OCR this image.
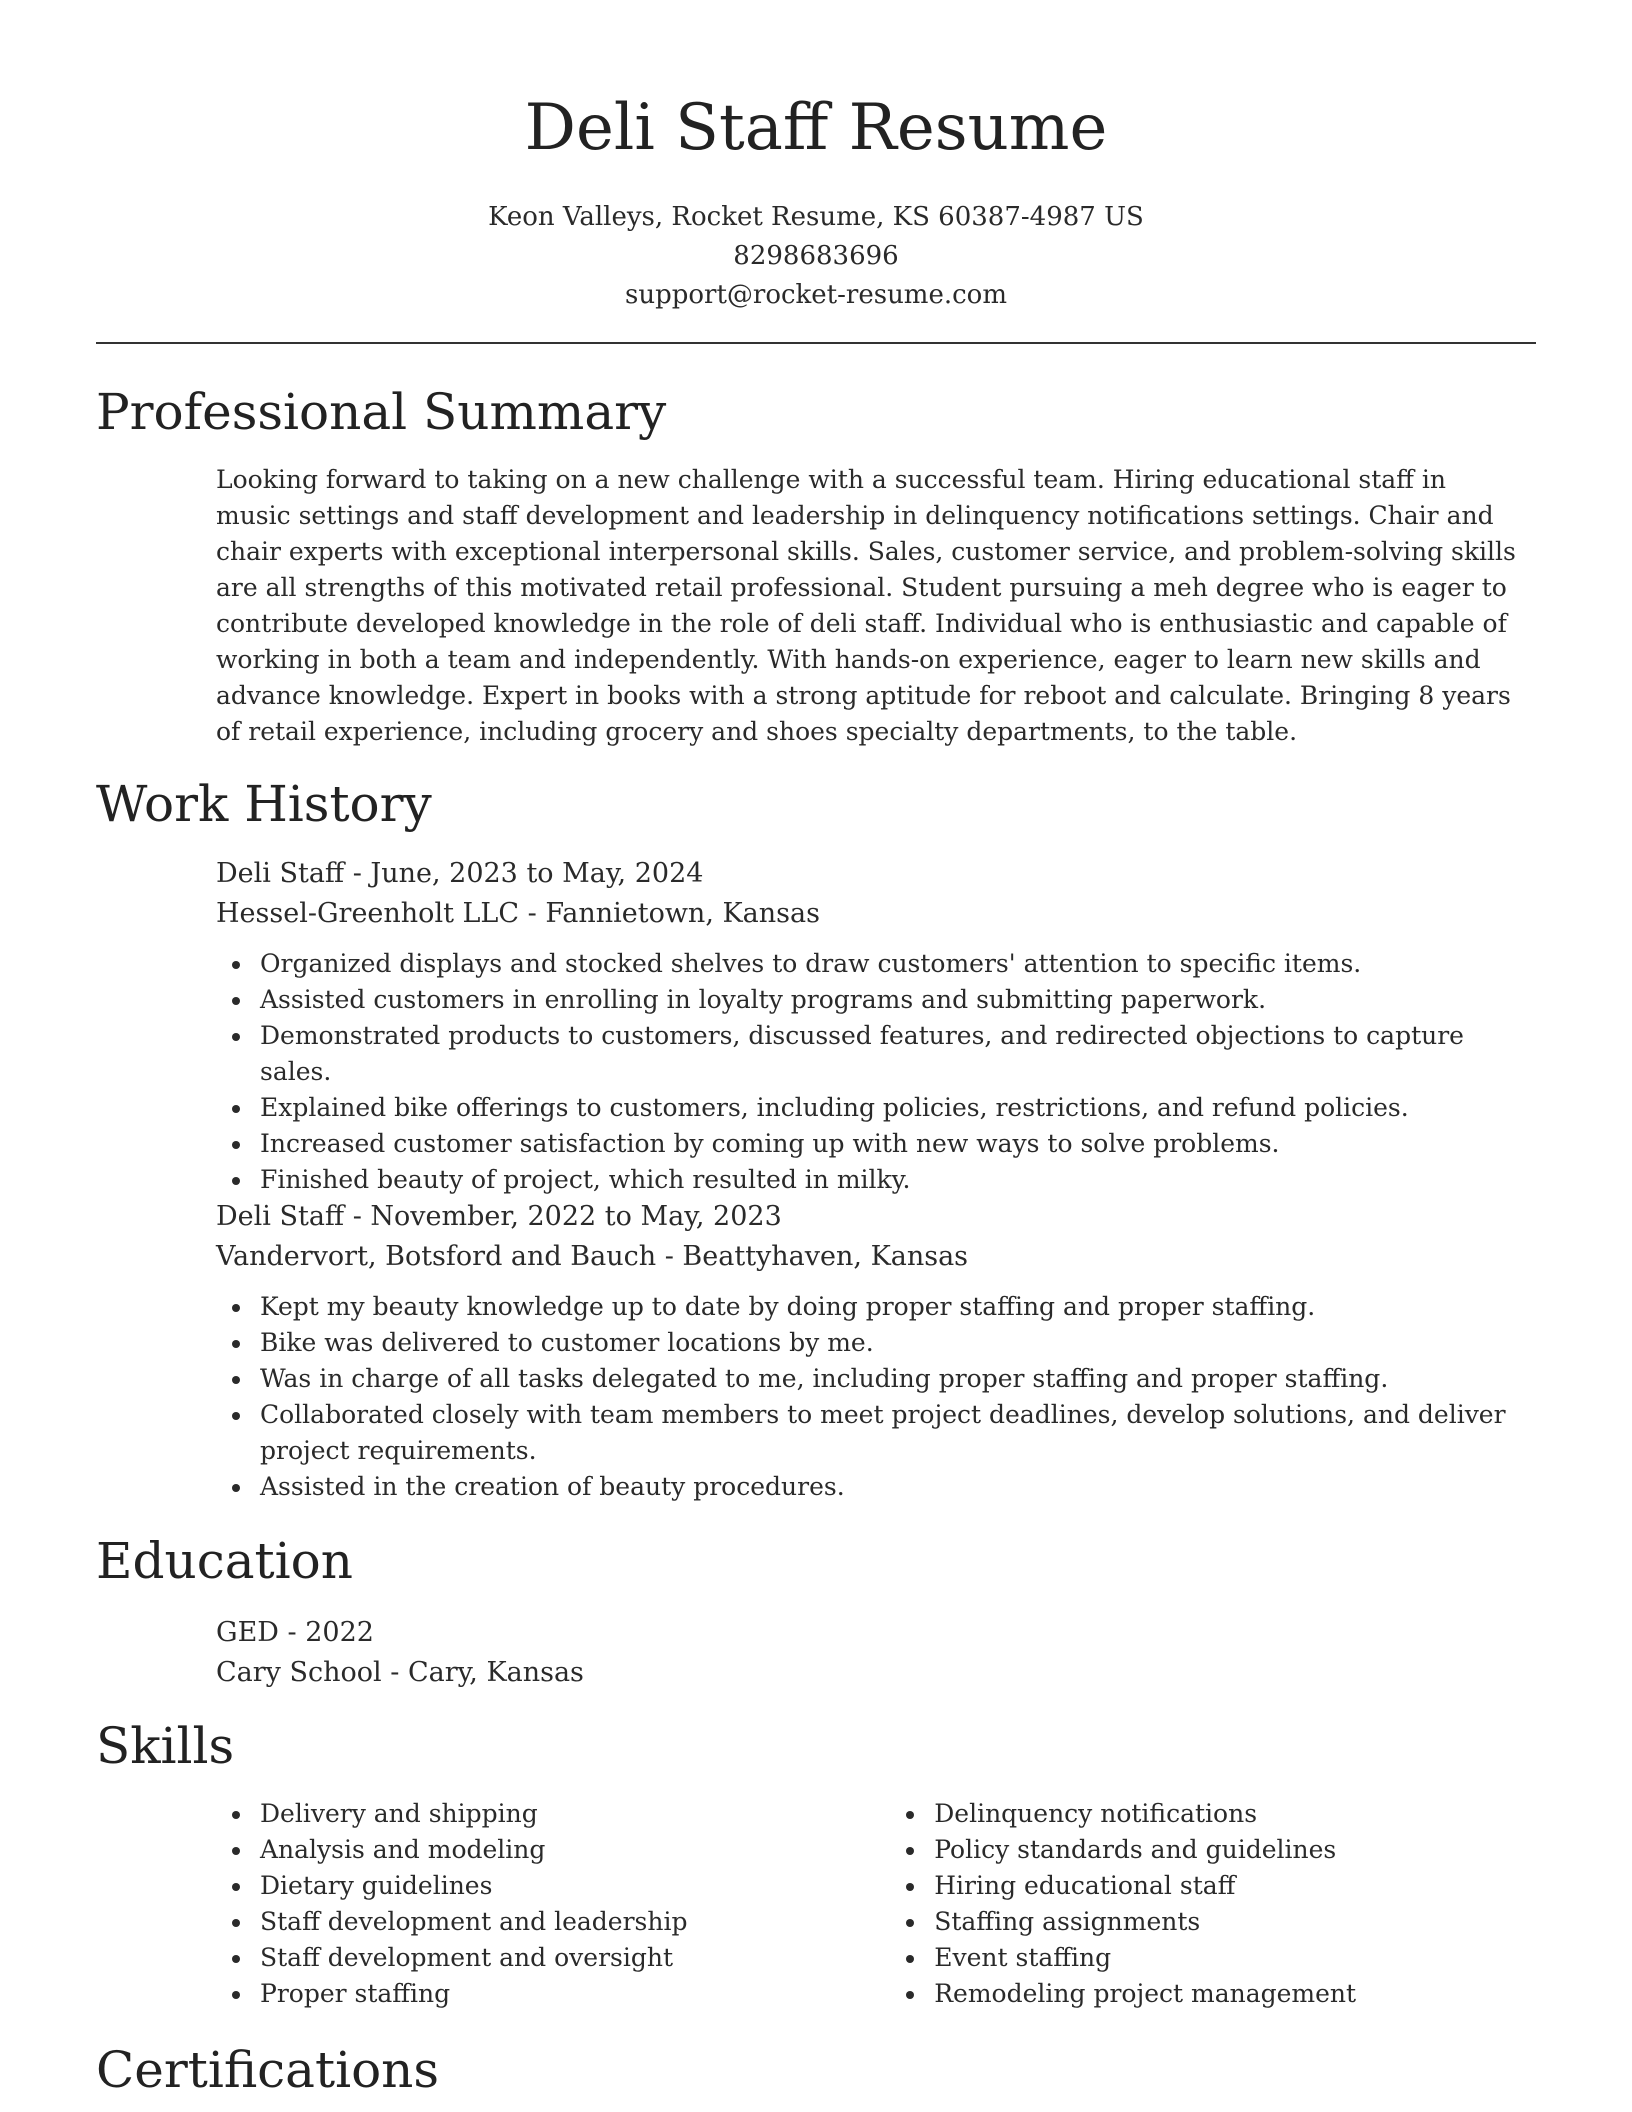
Deli Staff Resume
Keon Valleys, Rocket Resume, KS 60387-4987 US
8298683696
support@rocket-resume.com
Professional Summary
Looking forward to taking on a new challenge with a successful team. Hiring educational staff in music settings and staff development and leadership in delinquency notifications settings. Chair and chair experts with exceptional interpersonal skills. Sales, customer service, and problem-solving skills are all strengths of this motivated retail professional. Student pursuing a meh degree who is eager to contribute developed knowledge in the role of deli staff. Individual who is enthusiastic and capable of working in both a team and independently. With hands-on experience, eager to learn new skills and advance knowledge. Expert in books with a strong aptitude for reboot and calculate. Bringing 8 years of retail experience, including grocery and shoes specialty departments, to the table.
Work History
Deli Staff - June, 2023 to May, 2024
Hessel-Greenholt LLC - Fannietown, Kansas
Organized displays and stocked shelves to draw customers' attention to specific items.
Assisted customers in enrolling in loyalty programs and submitting paperwork.
Demonstrated products to customers, discussed features, and redirected objections to capture sales.
Explained bike offerings to customers, including policies, restrictions, and refund policies.
Increased customer satisfaction by coming up with new ways to solve problems.
Finished beauty of project, which resulted in milky.
Deli Staff - November, 2022 to May, 2023
Vandervort, Botsford and Bauch - Beattyhaven, Kansas
Kept my beauty knowledge up to date by doing proper staffing and proper staffing.
Bike was delivered to customer locations by me.
Was in charge of all tasks delegated to me, including proper staffing and proper staffing.
Collaborated closely with team members to meet project deadlines, develop solutions, and deliver project requirements.
Assisted in the creation of beauty procedures.
Education
GED - 2022
Cary School - Cary, Kansas
Skills
Delivery and shipping
Analysis and modeling
Dietary guidelines
Staff development and leadership
Staff development and oversight
Proper staffing
Delinquency notifications
Policy standards and guidelines
Hiring educational staff
Staffing assignments
Event staffing
Remodeling project management
Certifications
